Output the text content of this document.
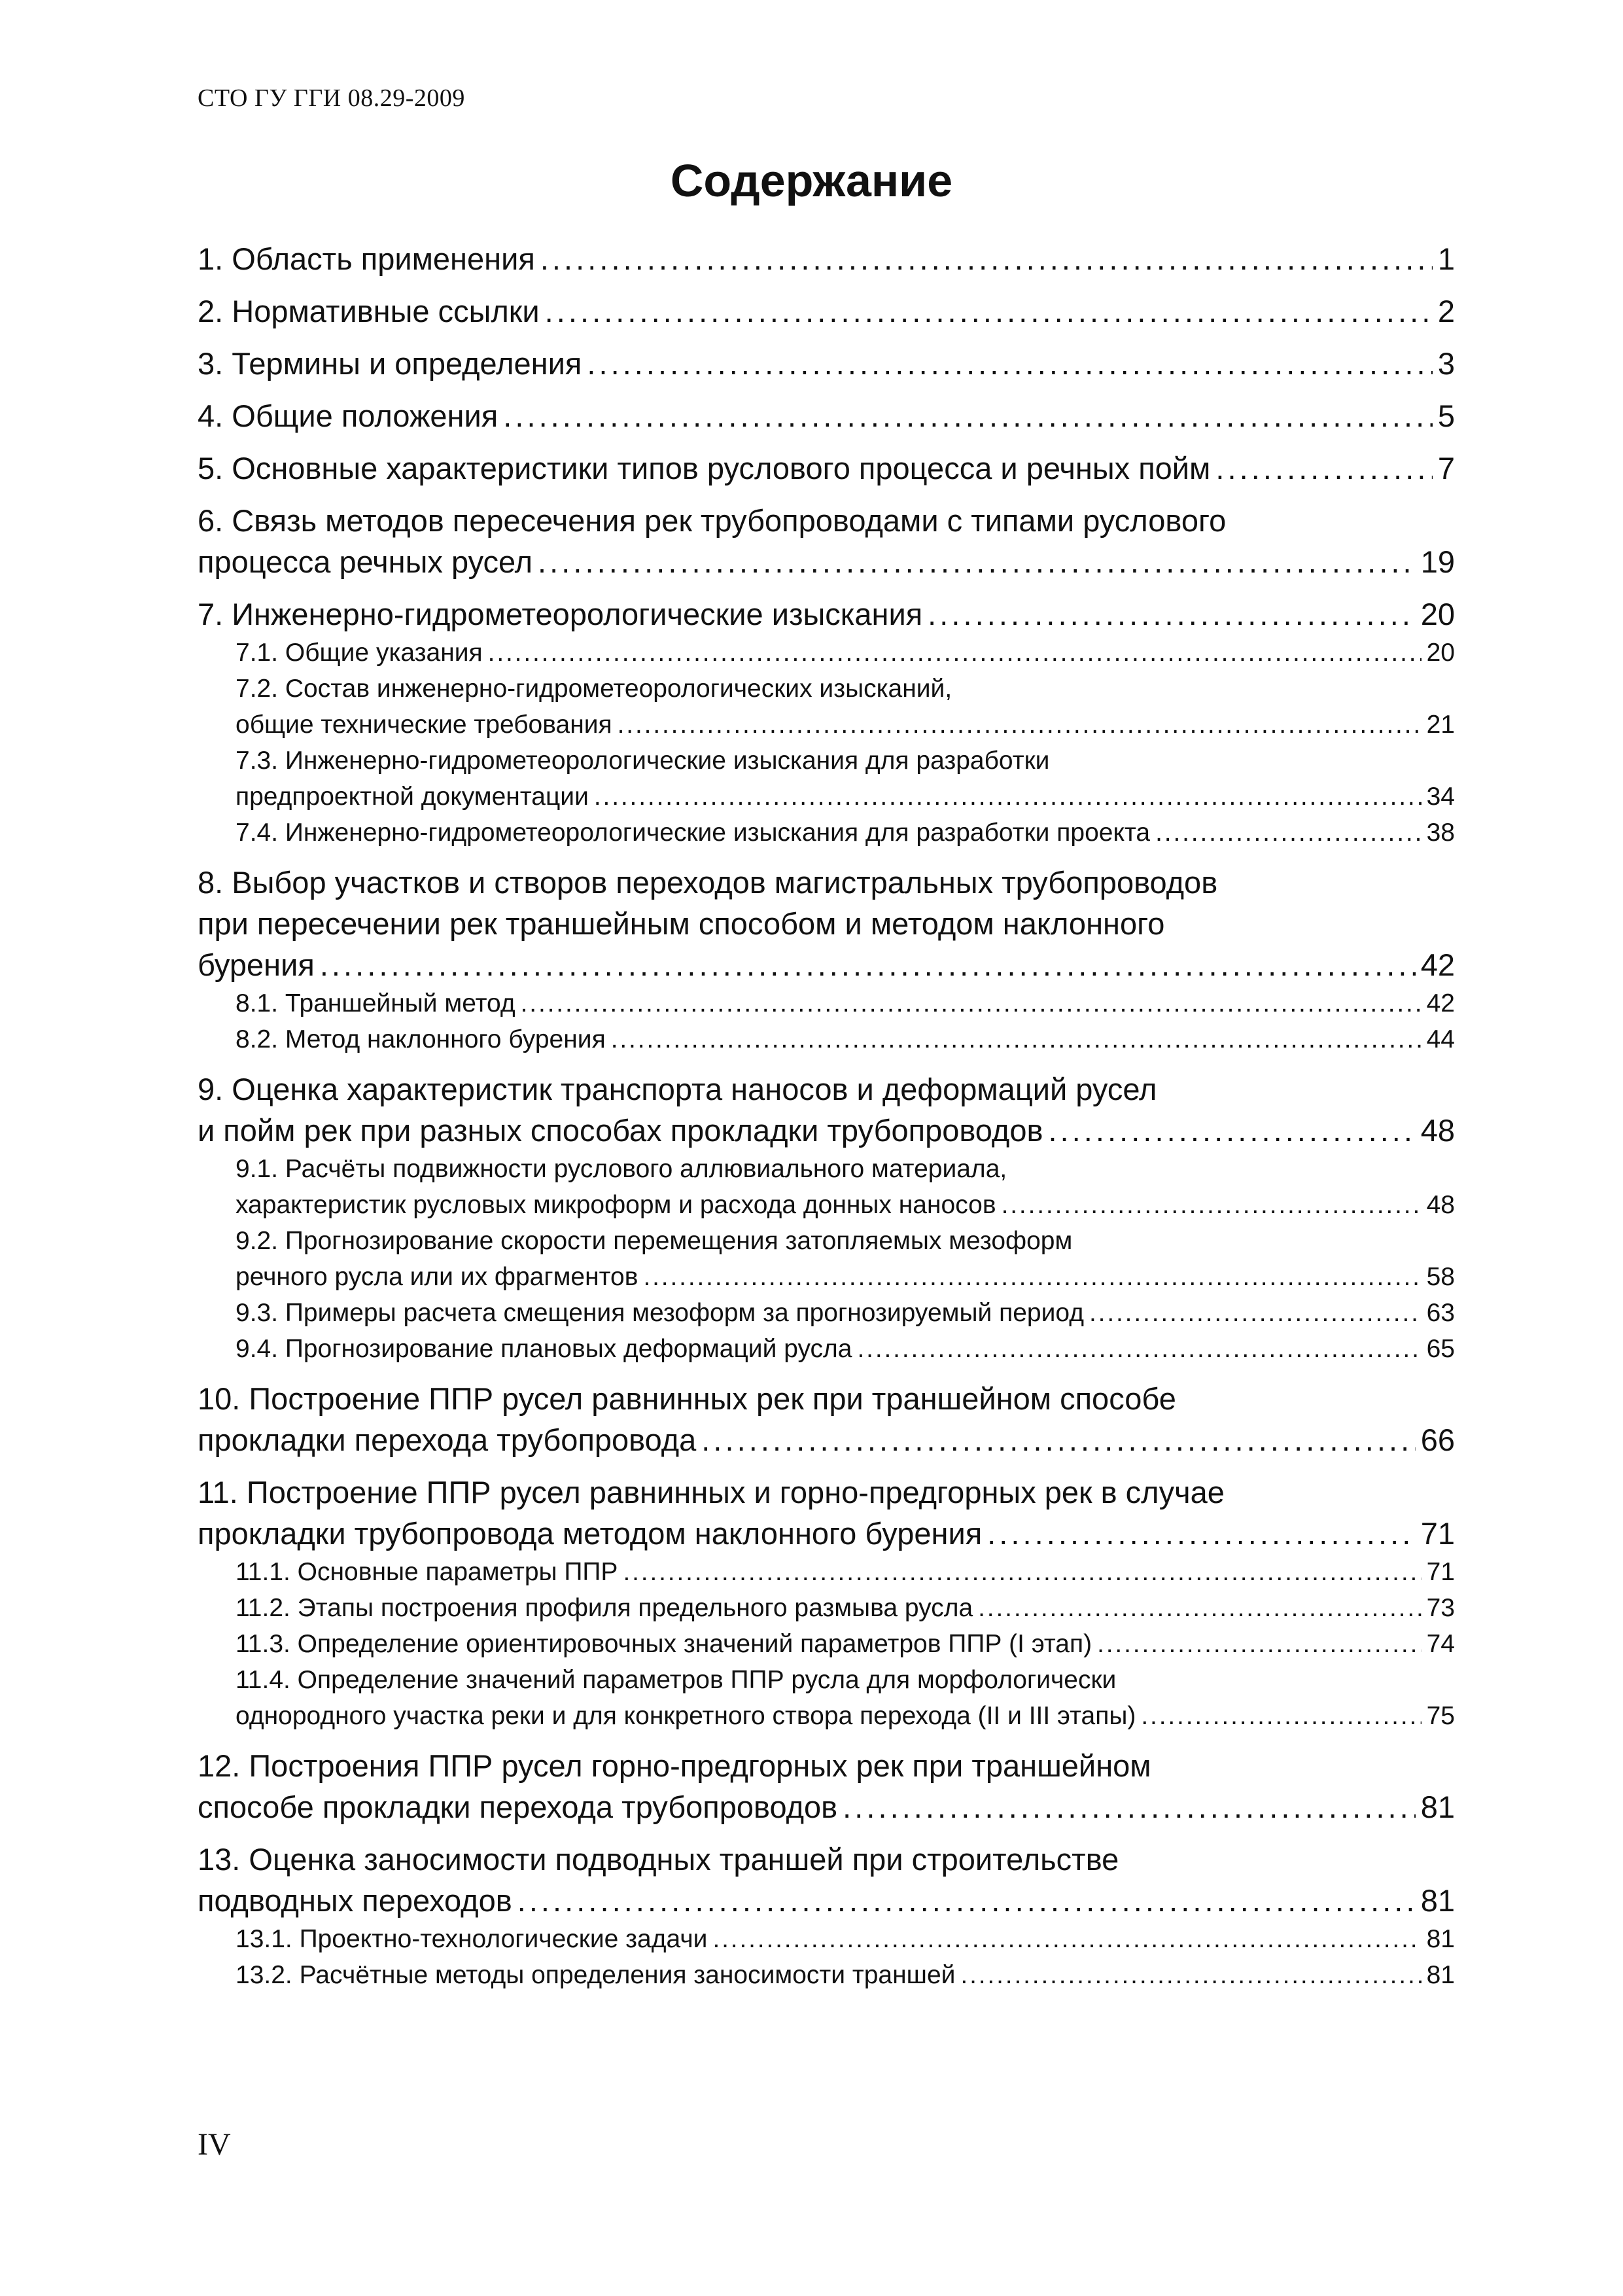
СТО ГУ ГГИ 08.29-2009
Содержание
1. Область применения . . .	1
2. Нормативные ссылки . . .	2
3. Термины и определения . . .	3
4. Общие положения . . .	5
5. Основные характеристики типов руслового процесса и речных пойм . . .	7
6. Связь методов пересечения рек трубопроводами с типами руслового
процесса речных русел . . .	19
7. Инженерно-гидрометеорологические изыскания . . .	20
7.1. Общие указания . . .	20
7.2. Состав инженерно-гидрометеорологических изысканий,
общие технические требования . . .	21
7.3. Инженерно-гидрометеорологические изыскания для разработки
предпроектной документации . . .	34
7.4. Инженерно-гидрометеорологические изыскания для разработки проекта . . .	38
8. Выбор участков и створов переходов магистральных трубопроводов
при пересечении рек траншейным способом и методом наклонного
бурения . . .	42
8.1. Траншейный метод . . .	42
8.2. Метод наклонного бурения . . .	44
9. Оценка характеристик транспорта наносов и деформаций русел
и пойм рек при разных способах прокладки трубопроводов . . .	48
9.1. Расчёты подвижности руслового аллювиального материала,
характеристик русловых микроформ и расхода донных наносов . . .	48
9.2. Прогнозирование скорости перемещения затопляемых мезоформ
речного русла или их фрагментов . . .	58
9.3. Примеры расчета смещения мезоформ за прогнозируемый период . . .	63
9.4. Прогнозирование плановых деформаций русла . . .	65
10. Построение ППР русел равнинных рек при траншейном способе
прокладки перехода трубопровода . . .	66
11. Построение ППР русел равнинных и горно-предгорных рек в случае
прокладки трубопровода методом наклонного бурения . . .	71
11.1. Основные параметры ППР . . .	71
11.2. Этапы построения профиля предельного размыва русла . . .	73
11.3. Определение ориентировочных значений параметров ППР (I этап) . . .	74
11.4. Определение значений параметров ППР русла для морфологически
однородного участка реки и для конкретного створа перехода (II и III этапы) . . .	75
12. Построения ППР русел горно-предгорных рек при траншейном
способе прокладки перехода трубопроводов . . .	81
13. Оценка заносимости подводных траншей при строительстве
подводных переходов . . .	81
13.1. Проектно-технологические задачи . . .	81
13.2. Расчётные методы определения заносимости траншей . . .	81
IV
